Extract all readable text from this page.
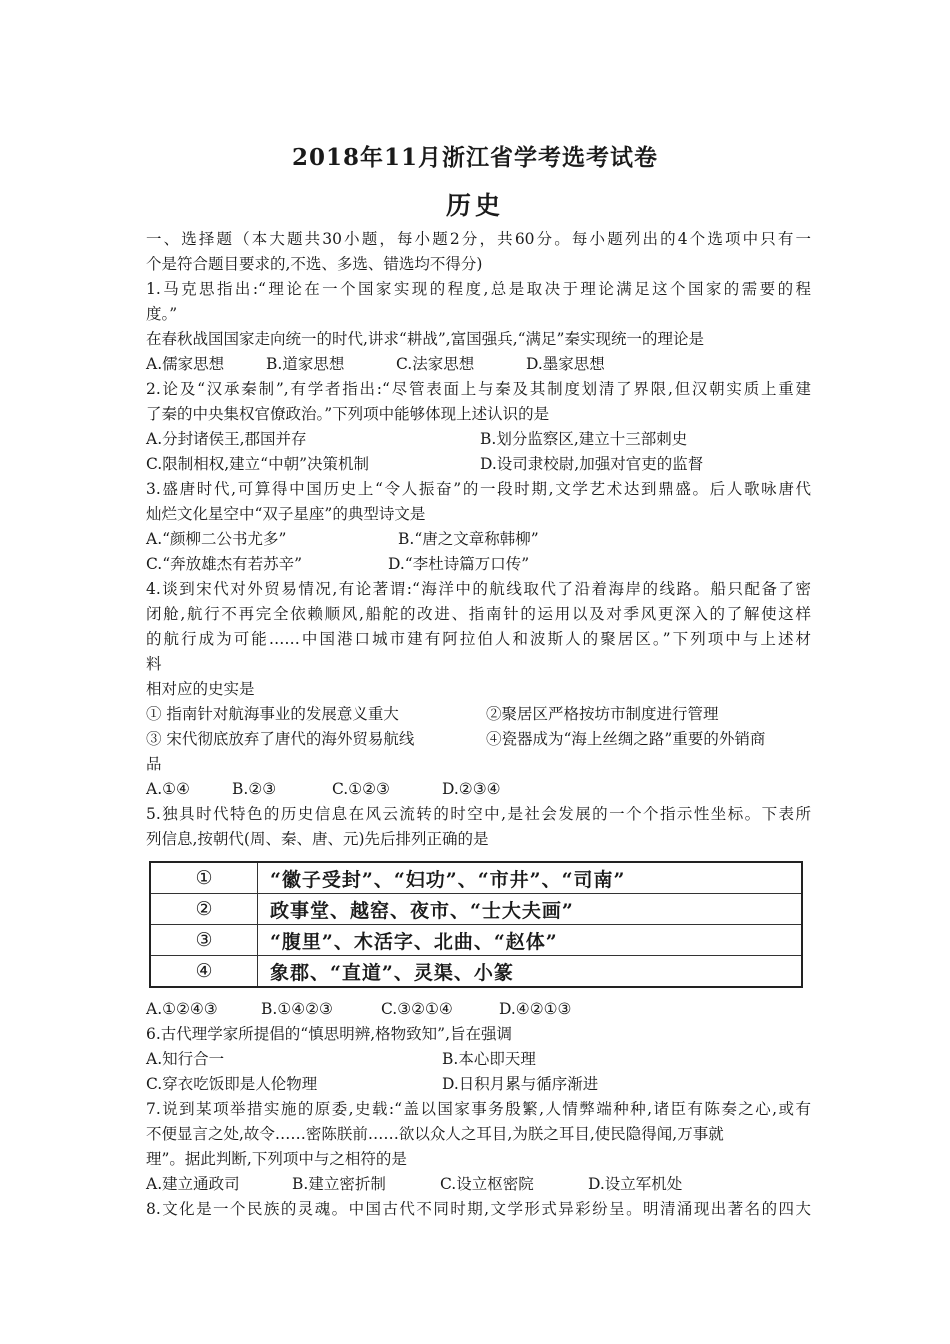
2018年11月浙江省学考选考试卷
历史
一、选择题（本大题共30小题，每小题2分，共60分。每小题列出的4个选项中只有一
个是符合题目要求的,不选、多选、错选均不得分)
1.马克思指出:“理论在一个国家实现的程度,总是取决于理论满足这个国家的需要的程
度。”
在春秋战国国家走向统一的时代,讲求“耕战”,富国强兵,“满足”秦实现统一的理论是
A.儒家思想	B.道家思想	C.法家思想	D.墨家思想
2.论及“汉承秦制”,有学者指出:“尽管表面上与秦及其制度划清了界限,但汉朝实质上重建
了秦的中央集权官僚政治。”下列项中能够体现上述认识的是
A.分封诸侯王,郡国并存	B.划分监察区,建立十三部刺史
C.限制相权,建立“中朝”决策机制	D.设司隶校尉,加强对官吏的监督
3.盛唐时代,可算得中国历史上“令人振奋”的一段时期,文学艺术达到鼎盛。后人歌咏唐代
灿烂文化星空中“双子星座”的典型诗文是
A.“颜柳二公书尤多”	B.“唐之文章称韩柳”
C.“奔放雄杰有若苏辛”	D.“李杜诗篇万口传”
4.谈到宋代对外贸易情况,有论著谓:“海洋中的航线取代了沿着海岸的线路。船只配备了密
闭舱,航行不再完全依赖顺风,船舵的改进、指南针的运用以及对季风更深入的了解使这样
的航行成为可能……中国港口城市建有阿拉伯人和波斯人的聚居区。”下列项中与上述材
料
相对应的史实是
① 指南针对航海事业的发展意义重大	②聚居区严格按坊市制度进行管理
③ 宋代彻底放弃了唐代的海外贸易航线	④瓷器成为“海上丝绸之路”重要的外销商
品
A.①④	B.②③	C.①②③	D.②③④
5.独具时代特色的历史信息在风云流转的时空中,是社会发展的一个个指示性坐标。下表所
列信息,按朝代(周、秦、唐、元)先后排列正确的是
①	“徽子受封”、“妇功”、“市井”、“司南”
②	政事堂、越窑、夜市、“士大夫画”
③	“腹里”、木活字、北曲、“赵体”
④	象郡、“直道”、灵渠、小篆
A.①②④③	B.①④②③	C.③②①④	D.④②①③
6.古代理学家所提倡的“慎思明辨,格物致知”,旨在强调
A.知行合一	B.本心即天理
C.穿衣吃饭即是人伦物理	D.日积月累与循序渐进
7.说到某项举措实施的原委,史载:“盖以国家事务殷繁,人情弊端种种,诸臣有陈奏之心,或有
不便显言之处,故令……密陈朕前……欲以众人之耳目,为朕之耳目,使民隐得闻,万事就
理”。据此判断,下列项中与之相符的是
A.建立通政司	B.建立密折制	C.设立枢密院	D.设立军机处
8.文化是一个民族的灵魂。中国古代不同时期,文学形式异彩纷呈。明清涌现出著名的四大
